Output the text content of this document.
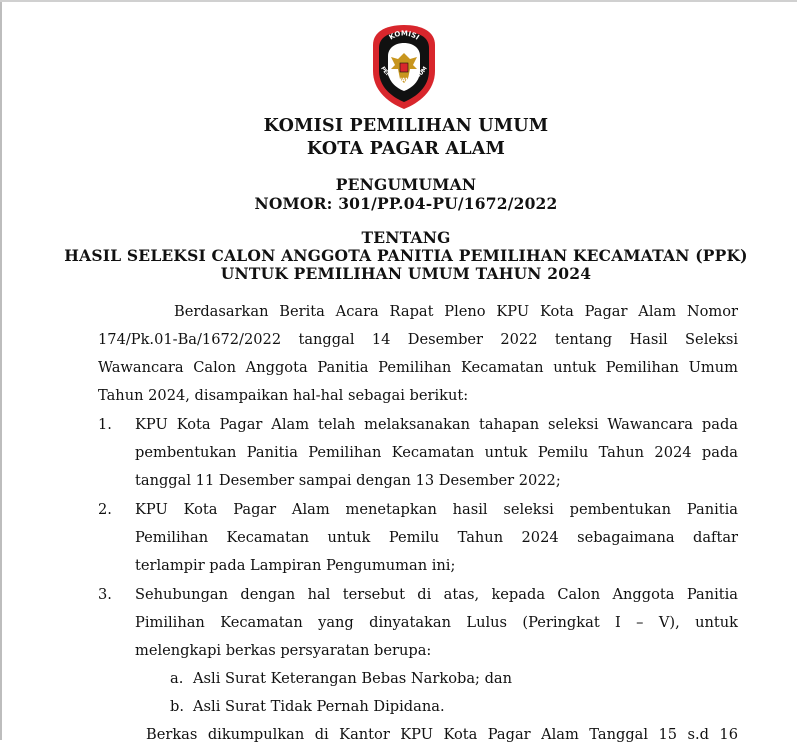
KOMISI
PEMILIHAN UMUM
KOMISI PEMILIHAN UMUM
KOTA PAGAR ALAM
PENGUMUMAN
NOMOR: 301/PP.04-PU/1672/2022
TENTANG
HASIL SELEKSI CALON ANGGOTA PANITIA PEMILIHAN KECAMATAN (PPK)
UNTUK PEMILIHAN UMUM TAHUN 2024
Berdasarkan Berita Acara Rapat Pleno KPU Kota Pagar Alam Nomor
174/Pk.01-Ba/1672/2022 tanggal 14 Desember 2022 tentang Hasil Seleksi
Wawancara Calon Anggota Panitia Pemilihan Kecamatan untuk Pemilihan Umum
Tahun 2024, disampaikan hal-hal sebagai berikut:
1. KPU Kota Pagar Alam telah melaksanakan tahapan seleksi Wawancara pada
pembentukan Panitia Pemilihan Kecamatan untuk Pemilu Tahun 2024 pada
tanggal 11 Desember sampai dengan 13 Desember 2022;
2. KPU Kota Pagar Alam menetapkan hasil seleksi pembentukan Panitia
Pemilihan Kecamatan untuk Pemilu Tahun 2024 sebagaimana daftar
terlampir pada Lampiran Pengumuman ini;
3. Sehubungan dengan hal tersebut di atas, kepada Calon Anggota Panitia
Pimilihan Kecamatan yang dinyatakan Lulus (Peringkat I – V), untuk
melengkapi berkas persyaratan berupa:
a. Asli Surat Keterangan Bebas Narkoba; dan
b. Asli Surat Tidak Pernah Dipidana.
Berkas dikumpulkan di Kantor KPU Kota Pagar Alam Tanggal 15 s.d 16
